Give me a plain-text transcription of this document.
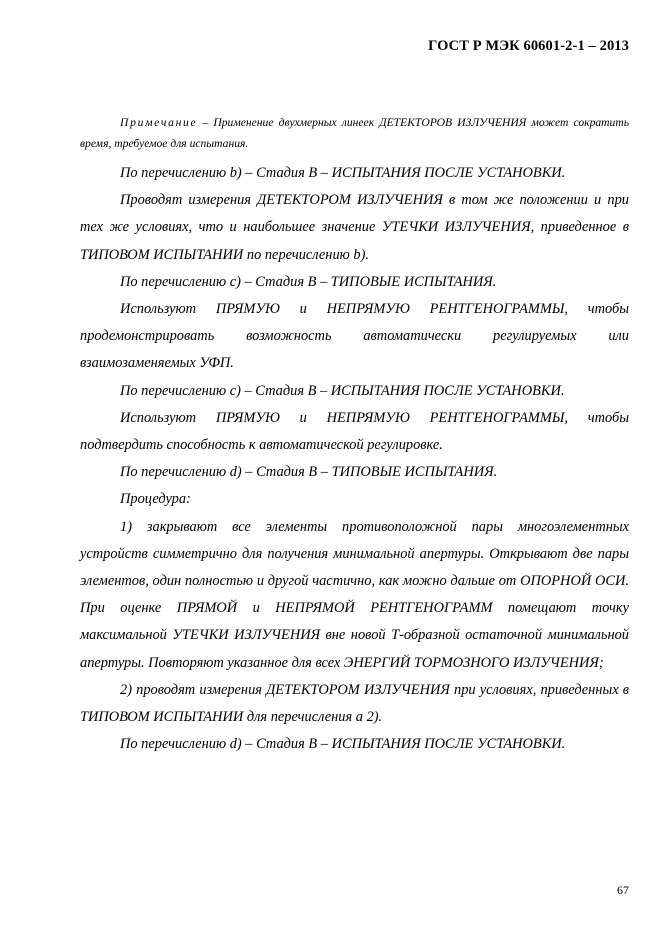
ГОСТ Р МЭК 60601-2-1 – 2013

Примечание – Применение двухмерных линеек ДЕТЕКТОРОВ ИЗЛУЧЕНИЯ может сократить время, требуемое для испытания.

По перечислению b) – Стадия В – ИСПЫТАНИЯ ПОСЛЕ УСТАНОВКИ.

Проводят измерения ДЕТЕКТОРОМ ИЗЛУЧЕНИЯ в том же положении и при тех же условиях, что и наибольшее значение УТЕЧКИ ИЗЛУЧЕНИЯ, приведенное в ТИПОВОМ ИСПЫТАНИИ по перечислению b).

По перечислению с) – Стадия В – ТИПОВЫЕ ИСПЫТАНИЯ.

Используют ПРЯМУЮ и НЕПРЯМУЮ РЕНТГЕНОГРАММЫ, чтобы продемонстрировать возможность автоматически регулируемых или взаимозаменяемых УФП.

По перечислению с) – Стадия В – ИСПЫТАНИЯ ПОСЛЕ УСТАНОВКИ.

Используют ПРЯМУЮ и НЕПРЯМУЮ РЕНТГЕНОГРАММЫ, чтобы подтвердить способность к автоматической регулировке.

По перечислению d) – Стадия В – ТИПОВЫЕ ИСПЫТАНИЯ.

Процедура:

1) закрывают все элементы противоположной пары многоэлементных устройств симметрично для получения минимальной апертуры. Открывают две пары элементов, один полностью и другой частично, как можно дальше от ОПОРНОЙ ОСИ. При оценке ПРЯМОЙ и НЕПРЯМОЙ РЕНТГЕНОГРАММ помещают точку максимальной УТЕЧКИ ИЗЛУЧЕНИЯ вне новой Т-образной остаточной минимальной апертуры. Повторяют указанное для всех ЭНЕРГИЙ ТОРМОЗНОГО ИЗЛУЧЕНИЯ;

2) проводят измерения ДЕТЕКТОРОМ ИЗЛУЧЕНИЯ при условиях, приведенных в ТИПОВОМ ИСПЫТАНИИ для перечисления а 2).

По перечислению d) – Стадия В – ИСПЫТАНИЯ ПОСЛЕ УСТАНОВКИ.

67
